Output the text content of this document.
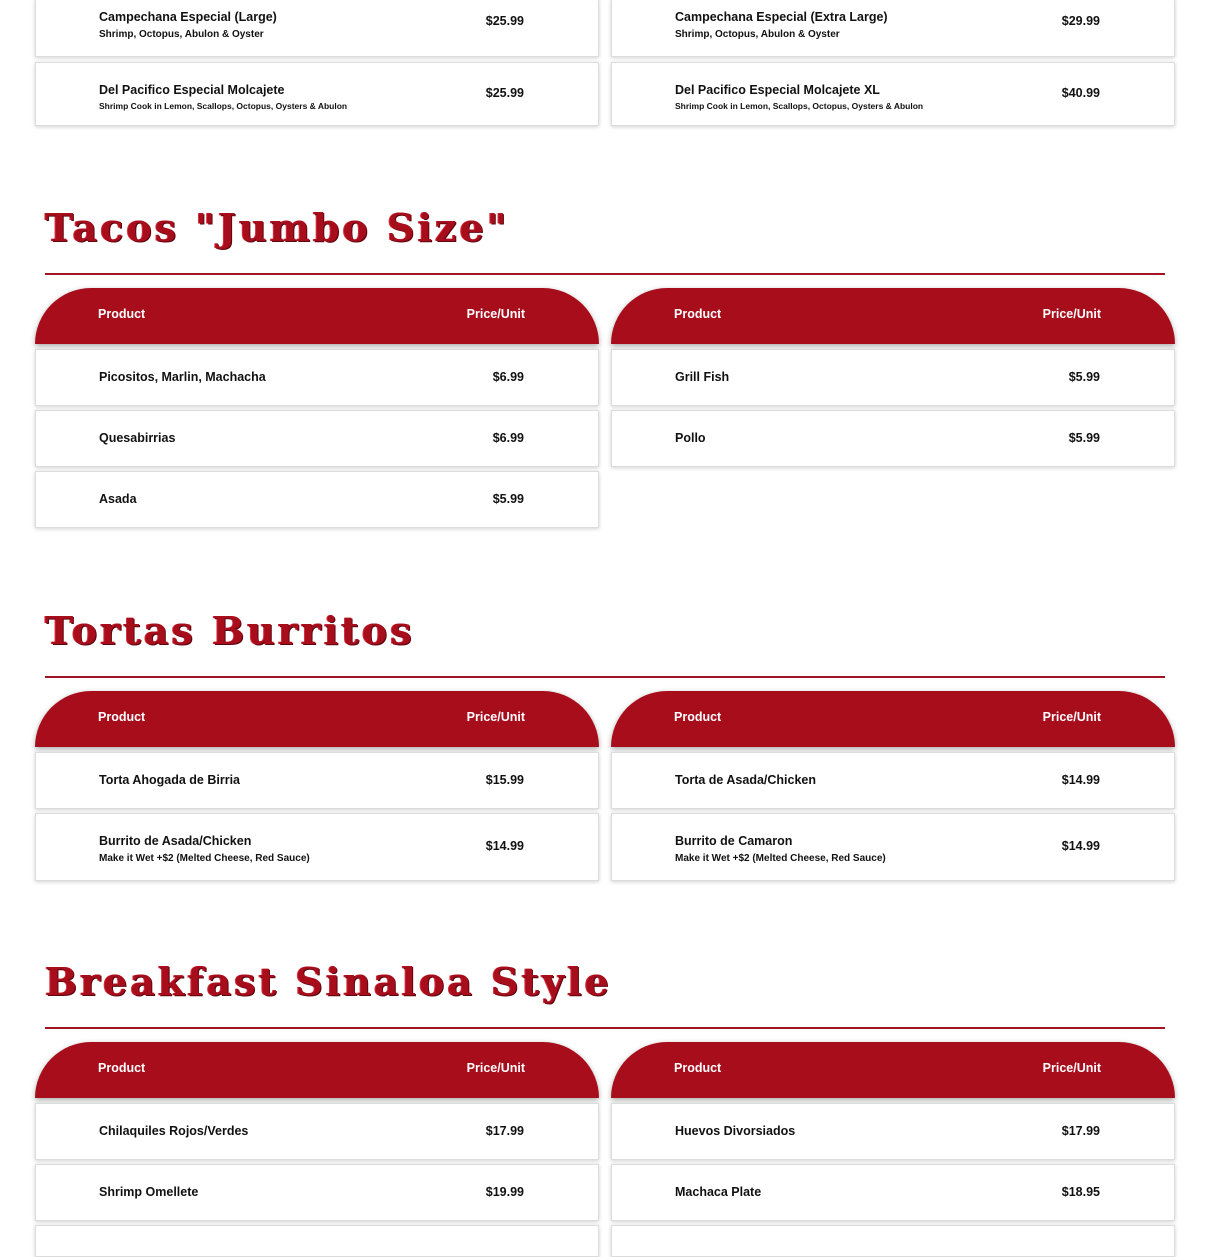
Campechana Especial (Large)
Shrimp, Octopus, Abulon & Oyster
$25.99
Del Pacifico Especial Molcajete
Shrimp Cook in Lemon, Scallops, Octopus, Oysters & Abulon
$25.99
Campechana Especial (Extra Large)
Shrimp, Octopus, Abulon & Oyster
$29.99
Del Pacifico Especial Molcajete XL
Shrimp Cook in Lemon, Scallops, Octopus, Oysters & Abulon
$40.99
Tacos "Jumbo Size"
Product	Price/Unit
Picositos, Marlin, Machacha	$6.99
Quesabirrias	$6.99
Asada	$5.99
Product	Price/Unit
Grill Fish	$5.99
Pollo	$5.99
Tortas Burritos
Product	Price/Unit
Torta Ahogada de Birria	$15.99
Burrito de Asada/Chicken
Make it Wet +$2 (Melted Cheese, Red Sauce)
$14.99
Product	Price/Unit
Torta de Asada/Chicken	$14.99
Burrito de Camaron
Make it Wet +$2 (Melted Cheese, Red Sauce)
$14.99
Breakfast Sinaloa Style
Product	Price/Unit
Chilaquiles Rojos/Verdes	$17.99
Shrimp Omellete	$19.99
Product	Price/Unit
Huevos Divorsiados	$17.99
Machaca Plate	$18.95
